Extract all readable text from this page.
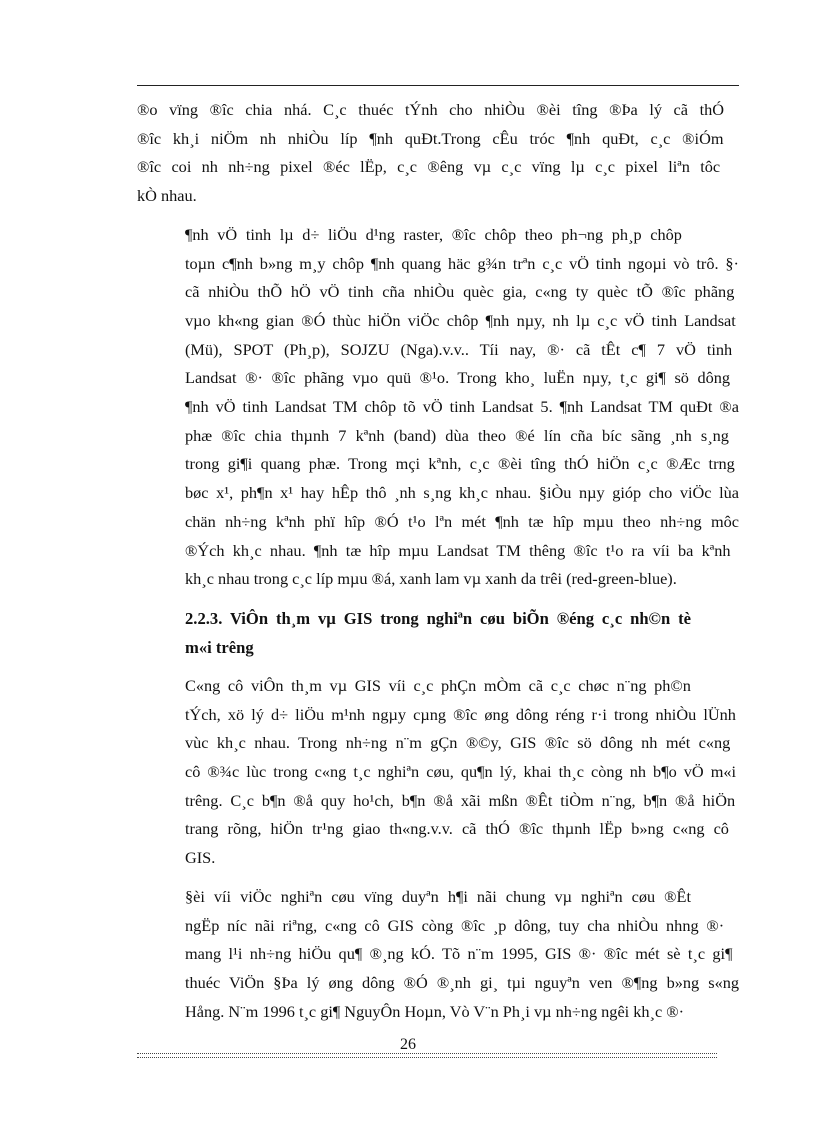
®o vïng ®îc chia nhá. C¸c thuéc tÝnh cho nhiÒu ®èi tîng ®Þa lý cã thÓ
®îc kh¸i niÖm nh nhiÒu líp ¶nh quÐt.Trong cÊu tróc ¶nh quÐt, c¸c ®iÓm
®îc coi nh nh÷ng pixel ®éc lËp, c¸c ®êng vµ c¸c vïng lµ c¸c pixel liªn tôc
kÒ nhau.
¶nh vÖ tinh lµ d÷ liÖu d¹ng raster, ®îc chôp theo ph¬ng ph¸p chôp
toµn c¶nh b»ng m¸y chôp ¶nh quang häc g¾n trªn c¸c vÖ tinh ngoµi vò trô. §·
cã nhiÒu thÕ hÖ vÖ tinh cña nhiÒu quèc gia, c«ng ty quèc tÕ ®îc phãng
vµo kh«ng gian ®Ó thùc hiÖn viÖc chôp ¶nh nµy, nh lµ c¸c vÖ tinh Landsat
(Mü), SPOT (Ph¸p), SOJZU (Nga).v.v.. Tíi nay, ®· cã tÊt c¶ 7 vÖ tinh
Landsat ®· ®îc phãng vµo quü ®¹o. Trong kho¸ luËn nµy, t¸c gi¶ sö dông
¶nh vÖ tinh Landsat TM chôp tõ vÖ tinh Landsat 5. ¶nh Landsat TM quÐt ®a
phæ ®îc chia thµnh 7 kªnh (band) dùa theo ®é lín cña bíc sãng ¸nh s¸ng
trong gi¶i quang phæ. Trong mçi kªnh, c¸c ®èi tîng thÓ hiÖn c¸c ®Æc trng
bøc x¹, ph¶n x¹ hay hÊp thô ¸nh s¸ng kh¸c nhau. §iÒu nµy gióp cho viÖc lùa
chän nh÷ng kªnh phï hîp ®Ó t¹o lªn mét ¶nh tæ hîp mµu theo nh÷ng môc
®Ých kh¸c nhau. ¶nh tæ hîp mµu Landsat TM thêng ®îc t¹o ra víi ba kªnh
kh¸c nhau trong c¸c líp mµu ®á, xanh lam vµ xanh da trêi (red-green-blue).
2.2.3. ViÔn th¸m vµ GIS trong nghiªn cøu biÕn ®éng c¸c nh©n tè
m«i trêng
C«ng cô viÔn th¸m vµ GIS víi c¸c phÇn mÒm cã c¸c chøc n¨ng ph©n
tÝch, xö lý d÷ liÖu m¹nh ngµy cµng ®îc øng dông réng r·i trong nhiÒu lÜnh
vùc kh¸c nhau. Trong nh÷ng n¨m gÇn ®©y, GIS ®îc sö dông nh mét c«ng
cô ®¾c lùc trong c«ng t¸c nghiªn cøu, qu¶n lý, khai th¸c còng nh b¶o vÖ m«i
trêng. C¸c b¶n ®å quy ho¹ch, b¶n ®å xãi mßn ®Êt tiÒm n¨ng, b¶n ®å hiÖn
trang rõng, hiÖn tr¹ng giao th«ng.v.v. cã thÓ ®îc thµnh lËp b»ng c«ng cô
GIS.
§èi víi viÖc nghiªn cøu vïng duyªn h¶i nãi chung vµ nghiªn cøu ®Êt
ngËp níc nãi riªng, c«ng cô GIS còng ®îc ¸p dông, tuy cha nhiÒu nhng ®·
mang l¹i nh÷ng hiÖu qu¶ ®¸ng kÓ. Tõ n¨m 1995, GIS ®· ®îc mét sè t¸c gi¶
thuéc ViÖn §Þa lý øng dông ®Ó ®¸nh gi¸ tµi nguyªn ven ®¶ng b»ng s«ng
Hång. N¨m 1996 t¸c gi¶ NguyÔn Hoµn, Vò V¨n Ph¸i vµ nh÷ng ngêi kh¸c ®·
26
